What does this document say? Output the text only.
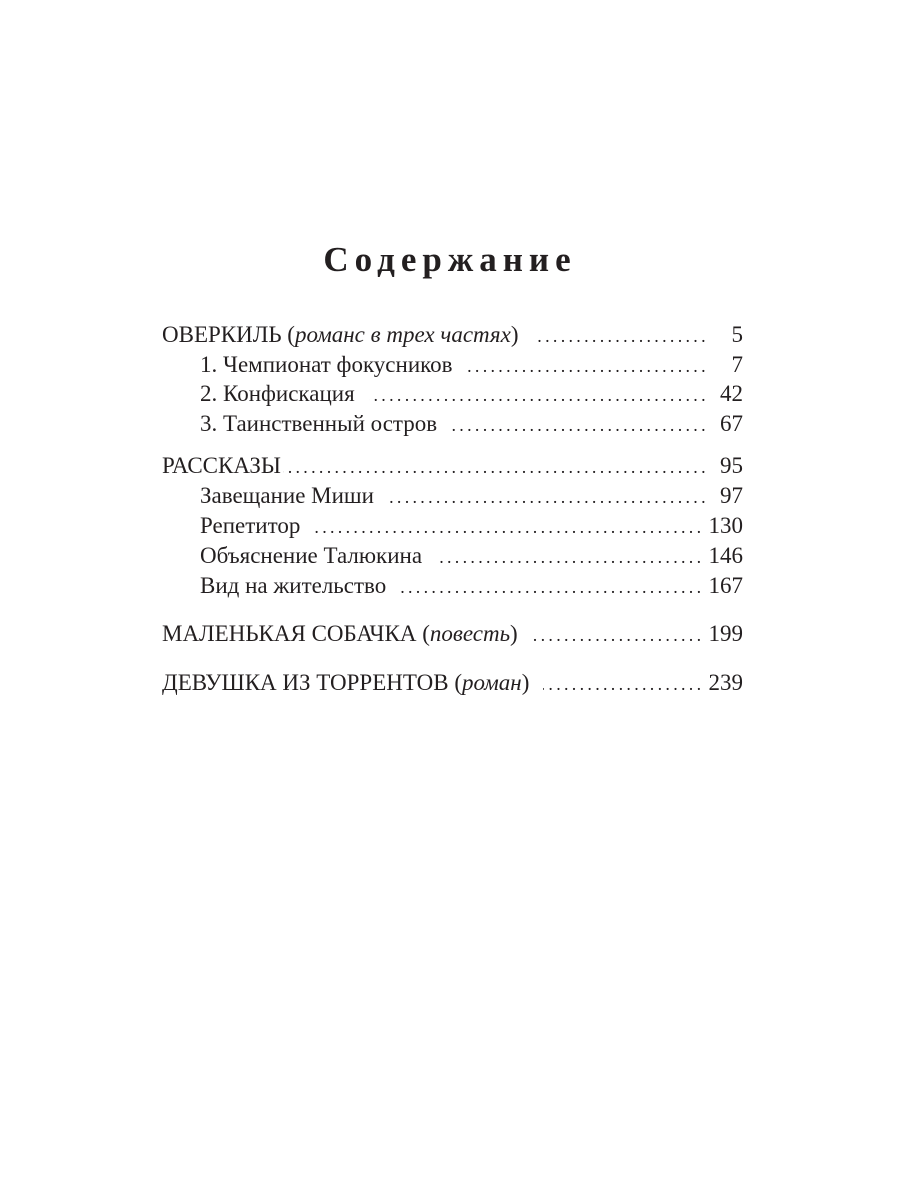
Содержание
ОВЕРКИЛЬ (романс в трех частях) . . .	5
1. Чемпионат фокусников . . .	7
2. Конфискация . . .	42
3. Таинственный остров . . .	67
РАССКАЗЫ . . .	95
Завещание Миши . . .	97
Репетитор . . .	130
Объяснение Талюкина . . .	146
Вид на жительство . . .	167
МАЛЕНЬКАЯ СОБАЧКА (повесть) . . .	199
ДЕВУШКА ИЗ ТОРРЕНТОВ (роман) . . .	239
